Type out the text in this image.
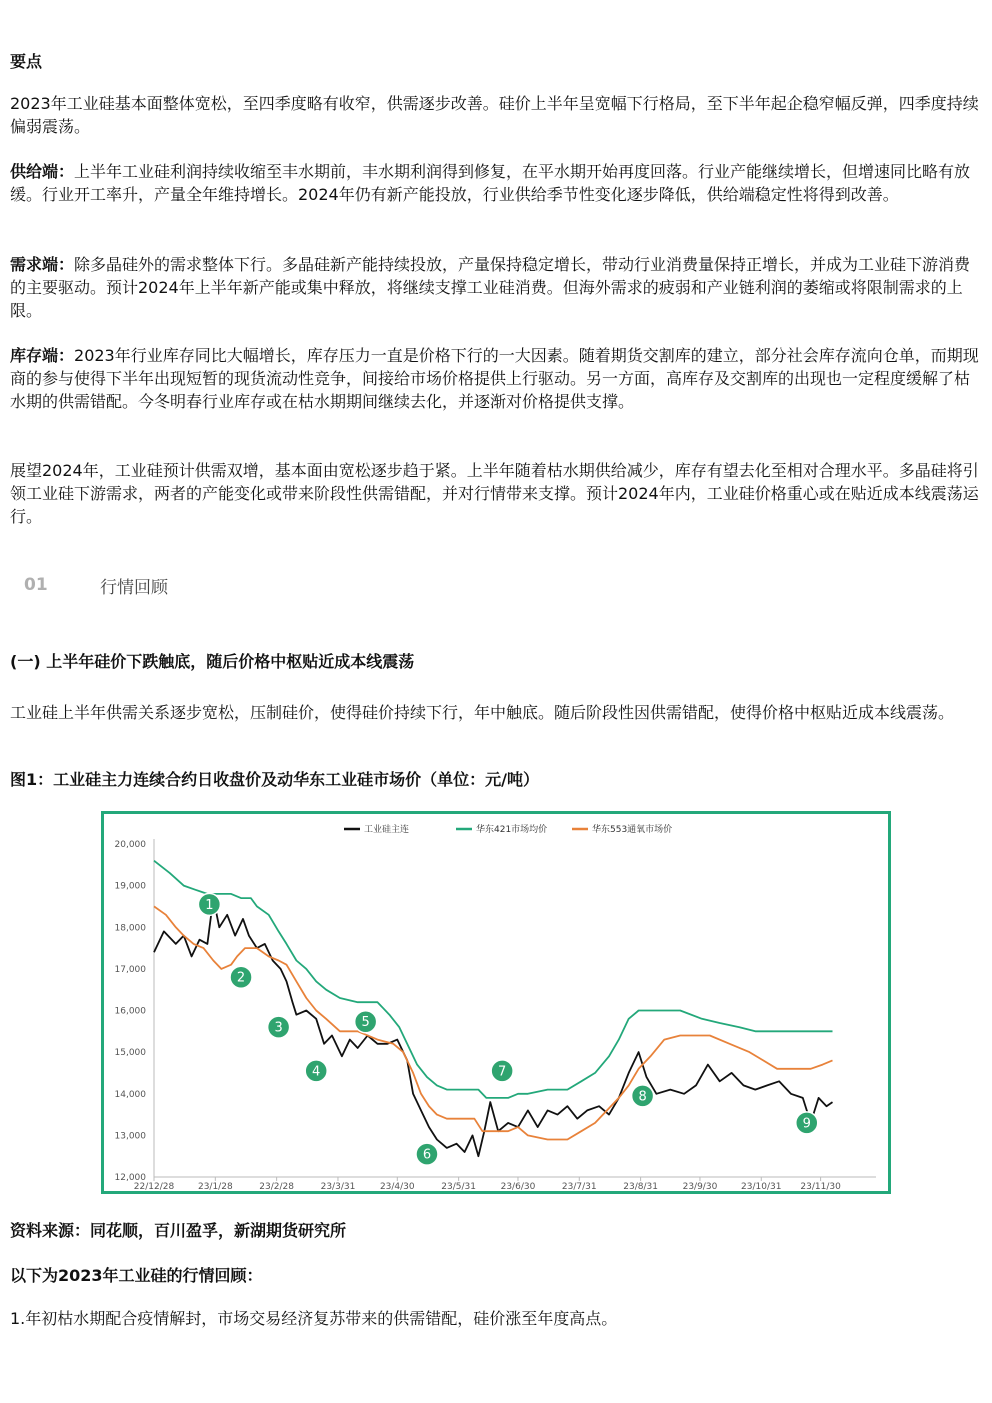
要点
2023年工业硅基本面整体宽松，至四季度略有收窄，供需逐步改善。硅价上半年呈宽幅下行格局，至下半年起企稳窄幅反弹，四季度持续偏弱震荡。
供给端：上半年工业硅利润持续收缩至丰水期前，丰水期利润得到修复，在平水期开始再度回落。行业产能继续增长，但增速同比略有放缓。行业开工率升，产量全年维持增长。2024年仍有新产能投放，行业供给季节性变化逐步降低，供给端稳定性将得到改善。
需求端：除多晶硅外的需求整体下行。多晶硅新产能持续投放，产量保持稳定增长，带动行业消费量保持正增长，并成为工业硅下游消费的主要驱动。预计2024年上半年新产能或集中释放，将继续支撑工业硅消费。但海外需求的疲弱和产业链利润的萎缩或将限制需求的上限。
库存端：2023年行业库存同比大幅增长，库存压力一直是价格下行的一大因素。随着期货交割库的建立，部分社会库存流向仓单，而期现商的参与使得下半年出现短暂的现货流动性竞争，间接给市场价格提供上行驱动。另一方面，高库存及交割库的出现也一定程度缓解了枯水期的供需错配。今冬明春行业库存或在枯水期期间继续去化，并逐渐对价格提供支撑。
展望2024年，工业硅预计供需双增，基本面由宽松逐步趋于紧。上半年随着枯水期供给减少，库存有望去化至相对合理水平。多晶硅将引领工业硅下游需求，两者的产能变化或带来阶段性供需错配，并对行情带来支撑。预计2024年内，工业硅价格重心或在贴近成本线震荡运行。
01	行情回顾
(一) 上半年硅价下跌触底，随后价格中枢贴近成本线震荡
工业硅上半年供需关系逐步宽松，压制硅价，使得硅价持续下行，年中触底。随后阶段性因供需错配，使得价格中枢贴近成本线震荡。
图1：工业硅主力连续合约日收盘价及动华东工业硅市场价（单位：元/吨）
12,000
13,000
14,000
15,000
16,000
17,000
18,000
19,000
20,000
22/12/28	23/1/28	23/2/28	23/3/31	23/4/30	23/5/31	23/6/30	23/7/31	23/8/31	23/9/30	23/10/31 23/11/30
工业硅主连	华东421市场均价	华东553通氧市场价
1
2
3
4
5
6
7
8
9
资料来源：同花顺，百川盈孚，新湖期货研究所
以下为2023年工业硅的行情回顾：
1.年初枯水期配合疫情解封，市场交易经济复苏带来的供需错配，硅价涨至年度高点。
